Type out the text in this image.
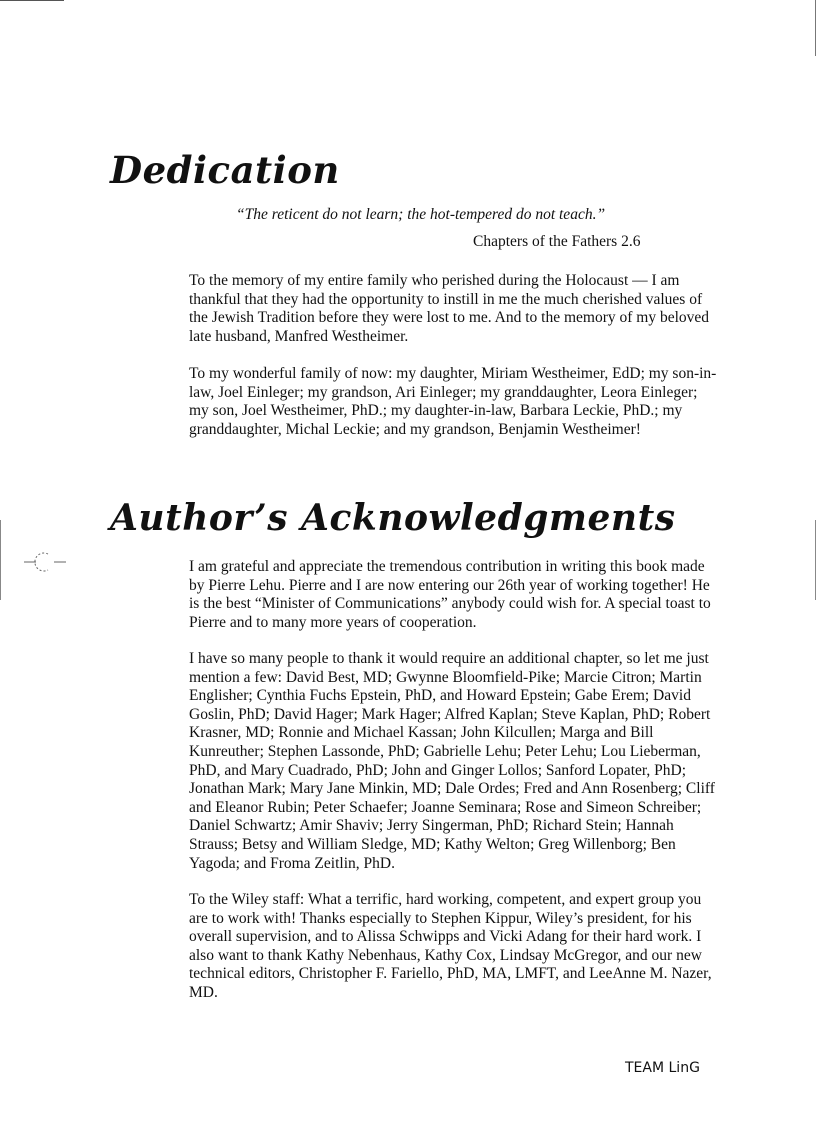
Dedication

“The reticent do not learn; the hot-tempered do not teach.”

Chapters of the Fathers 2.6

To the memory of my entire family who perished during the Holocaust — I am thankful that they had the opportunity to instill in me the much cherished values of the Jewish Tradition before they were lost to me. And to the memory of my beloved late husband, Manfred Westheimer.

To my wonderful family of now: my daughter, Miriam Westheimer, EdD; my son-in-law, Joel Einleger; my grandson, Ari Einleger; my granddaughter, Leora Einleger; my son, Joel Westheimer, PhD.; my daughter-in-law, Barbara Leckie, PhD.; my granddaughter, Michal Leckie; and my grandson, Benjamin Westheimer!

Author’s Acknowledgments

I am grateful and appreciate the tremendous contribution in writing this book made by Pierre Lehu. Pierre and I are now entering our 26th year of working together! He is the best “Minister of Communications” anybody could wish for. A special toast to Pierre and to many more years of cooperation.

I have so many people to thank it would require an additional chapter, so let me just mention a few: David Best, MD; Gwynne Bloomfield-Pike; Marcie Citron; Martin Englisher; Cynthia Fuchs Epstein, PhD, and Howard Epstein; Gabe Erem; David Goslin, PhD; David Hager; Mark Hager; Alfred Kaplan; Steve Kaplan, PhD; Robert Krasner, MD; Ronnie and Michael Kassan; John Kilcullen; Marga and Bill Kunreuther; Stephen Lassonde, PhD; Gabrielle Lehu; Peter Lehu; Lou Lieberman, PhD, and Mary Cuadrado, PhD; John and Ginger Lollos; Sanford Lopater, PhD; Jonathan Mark; Mary Jane Minkin, MD; Dale Ordes; Fred and Ann Rosenberg; Cliff and Eleanor Rubin; Peter Schaefer; Joanne Seminara; Rose and Simeon Schreiber; Daniel Schwartz; Amir Shaviv; Jerry Singerman, PhD; Richard Stein; Hannah Strauss; Betsy and William Sledge, MD; Kathy Welton; Greg Willenborg; Ben Yagoda; and Froma Zeitlin, PhD.

To the Wiley staff: What a terrific, hard working, competent, and expert group you are to work with! Thanks especially to Stephen Kippur, Wiley’s president, for his overall supervision, and to Alissa Schwipps and Vicki Adang for their hard work. I also want to thank Kathy Nebenhaus, Kathy Cox, Lindsay McGregor, and our new technical editors, Christopher F. Fariello, PhD, MA, LMFT, and LeeAnne M. Nazer, MD.

TEAM LinG
